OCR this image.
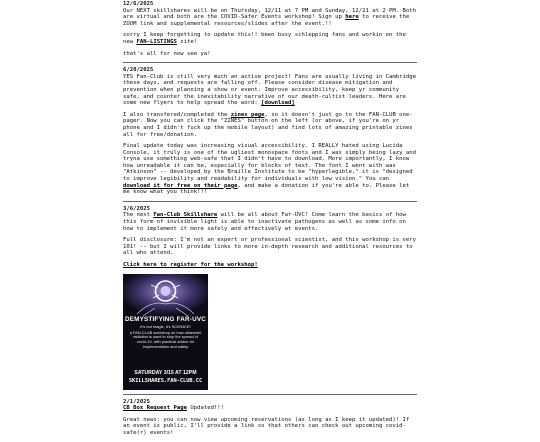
12/6/2025

Our NEXT skillshares will be on Thursday, 12/11 at 7 PM and Sunday, 12/21 at 2 PM. Both are virtual and both are the COVID-Safer Events workshop! Sign up here to receive the ZOOM link and supplemental resources/slides after the event.!!

sorry I keep forgetting to update this!! been busy schlepping fans and workin on the new FAN-LISTINGS site!

that's all for now see ya!

6/20/2025

YES Fan-Club is still very much an active project! Fans are usually living in Cambridge these days, and requests are falling off. Please consider disease mitigation and prevention when planning a show or event. Improve accessibility, keep yr community safe, and counter the inevitability narrative of our death-cultist leaders. Here are some new flyers to help spread the word: [download]

I also transfered/completed the zines page, so it doesn't just go to the FAN-CLUB one-pager. Now you can click the "ZINES" button on the left (or above, if you're on yr phone and I didn't fuck up the mobile layout) and find lots of amazing printable zines all for free/donation.

Final update today was increasing visual accessibility. I REALLY hated using Lucida Console, it truly is one of the ugliest monospace fonts and I was simply being lazy and tryna use something web-safe that I didn't have to download. More importantly, I know how unreadable it can be, especially for blocks of text. The font I went with was "Atkinson" -- developed by the Braille Institute to be "hyperlegible," it is "designed to improve legibility and readability for individuals with low vision." You can download it for free on their page, and make a donation if you're able to. Please let me know what you think!!!

3/6/2025

The next Fan-Club Skillshare will be all about Far-UVC! Come learn the basics of how this form of invisible light is able to inactivate pathogens as well as some info on how to implement it more safely and effectively at events.

Full disclosure: I'm not an expert or professional scientist, and this workshop is very 101! -- but I will provide links to more in-depth research and additional resources to all who attend.

Click here to register for the workshop!

DEMYSTIFYING FAR-UVC
it's not magic, it's SCIENCE!
a FAN-CLUB workshop on how ultraviolet radiation is used to stop the spread of covid-19, with practical advice for implementation and safety
SATURDAY 3/15 AT 12PM
SKILLSHARES.FAN-CLUB.CC
2/1/2025

CB Box Request Page Updated!!!

Great news: you can now view upcoming reservations (as long as I keep it updated)! If an event is public, I'll provide a link so that others can check out upcoming covid-safe(r) events!
